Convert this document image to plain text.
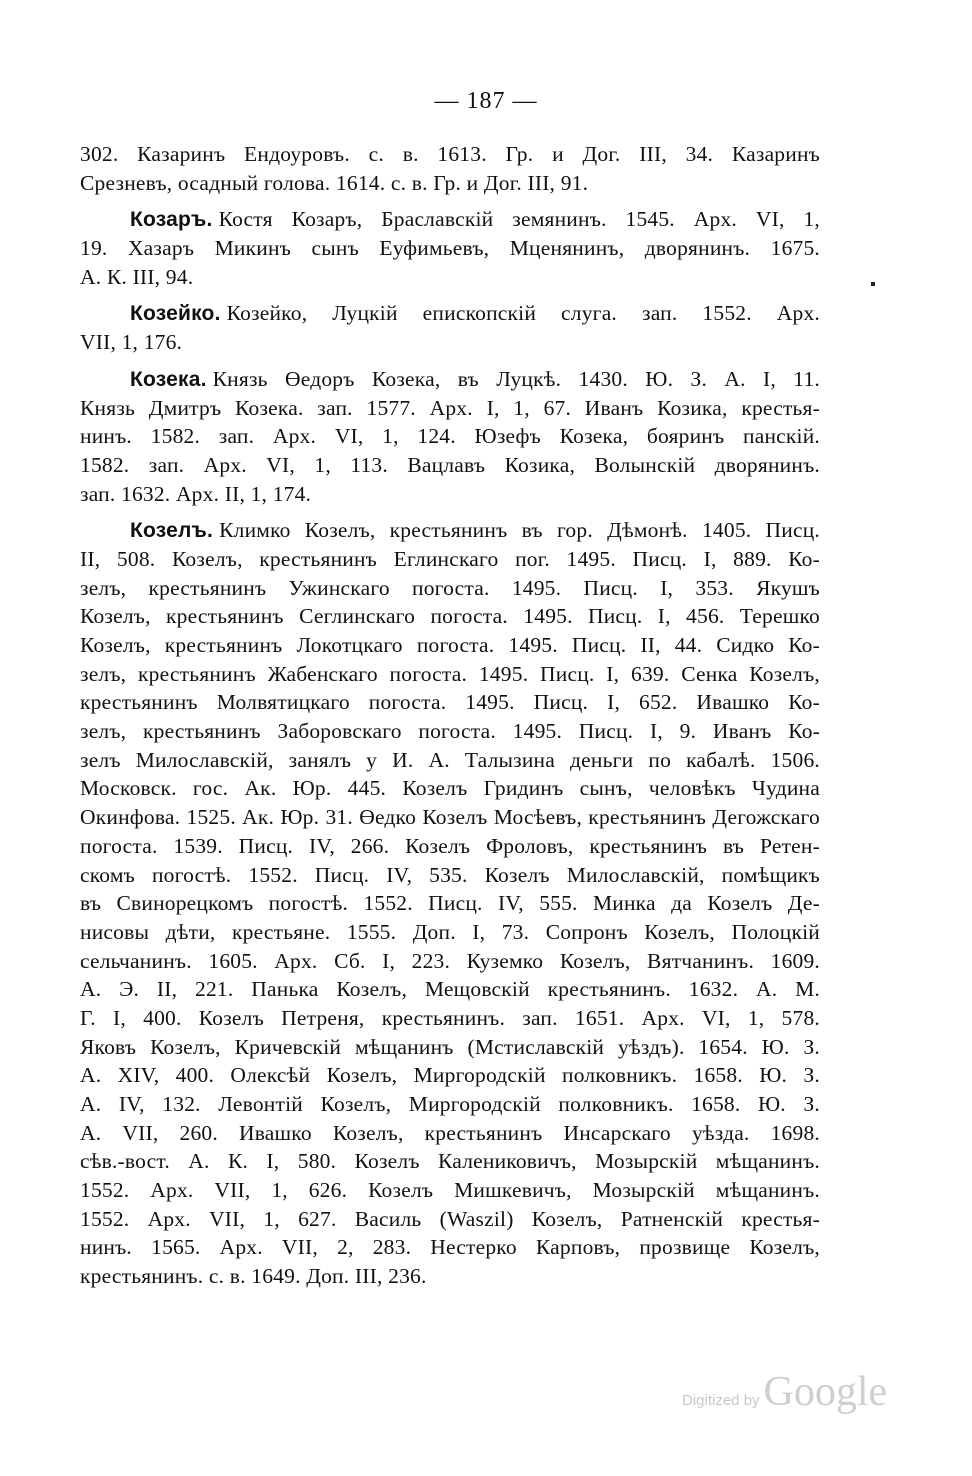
— 187 —
302. Казаринъ Ендоуровъ. с. в. 1613. Гр. и Дог. III, 34. Казаринъ
Срезневъ, осадный голова. 1614. с. в. Гр. и Дог. III, 91.
Козаръ. Костя Козаръ, Браславскій земянинъ. 1545. Арх. VI, 1,
19. Хазаръ Микинъ сынъ Еуфимьевъ, Мценянинъ, дворянинъ. 1675.
А. К. III, 94.
Козейко. Козейко, Луцкій епископскій слуга. зап. 1552. Арх.
VII, 1, 176.
Козека. Князь Өедоръ Козека, въ Луцкѣ. 1430. Ю. З. А. I, 11.
Князь Дмитръ Козека. зап. 1577. Арх. I, 1, 67. Иванъ Козика, крестья-
нинъ. 1582. зап. Арх. VI, 1, 124. Юзефъ Козека, бояринъ панскій.
1582. зап. Арх. VI, 1, 113. Вацлавъ Козика, Волынскій дворянинъ.
зап. 1632. Арх. II, 1, 174.
Козелъ. Климко Козелъ, крестьянинъ въ гор. Дѣмонѣ. 1405. Писц.
II, 508. Козелъ, крестьянинъ Еглинскаго пог. 1495. Писц. I, 889. Ко-
зелъ, крестьянинъ Ужинскаго погоста. 1495. Писц. I, 353. Якушъ
Козелъ, крестьянинъ Сеглинскаго погоста. 1495. Писц. I, 456. Терешко
Козелъ, крестьянинъ Локотцкаго погоста. 1495. Писц. II, 44. Сидко Ко-
зелъ, крестьянинъ Жабенскаго погоста. 1495. Писц. I, 639. Сенка Козелъ,
крестьянинъ Молвятицкаго погоста. 1495. Писц. I, 652. Ивашко Ко-
зелъ, крестьянинъ Заборовскаго погоста. 1495. Писц. I, 9. Иванъ Ко-
зелъ Милославскій, занялъ у И. А. Талызина деньги по кабалѣ. 1506.
Московск. гос. Ак. Юр. 445. Козелъ Гридинъ сынъ, человѣкъ Чудина
Окинфова. 1525. Ак. Юр. 31. Өедко Козелъ Мосѣевъ, крестьянинъ Дегожскаго
погоста. 1539. Писц. IV, 266. Козелъ Фроловъ, крестьянинъ въ Ретен-
скомъ погостѣ. 1552. Писц. IV, 535. Козелъ Милославскій, помѣщикъ
въ Свинорецкомъ погостѣ. 1552. Писц. IV, 555. Минка да Козелъ Де-
нисовы дѣти, крестьяне. 1555. Доп. I, 73. Сопронъ Козелъ, Полоцкій
сельчанинъ. 1605. Арх. Сб. I, 223. Куземко Козелъ, Вятчанинъ. 1609.
А. Э. II, 221. Панька Козелъ, Мещовскій крестьянинъ. 1632. А. М.
Г. I, 400. Козелъ Петреня, крестьянинъ. зап. 1651. Арх. VI, 1, 578.
Яковъ Козелъ, Кричевскій мѣщанинъ (Мстиславскій уѣздъ). 1654. Ю. З.
А. XIV, 400. Олексѣй Козелъ, Миргородскій полковникъ. 1658. Ю. З.
А. IV, 132. Левонтій Козелъ, Миргородскій полковникъ. 1658. Ю. З.
А. VII, 260. Ивашко Козелъ, крестьянинъ Инсарскаго уѣзда. 1698.
сѣв.-вост. А. К. I, 580. Козелъ Калениковичъ, Мозырскій мѣщанинъ.
1552. Арх. VII, 1, 626. Козелъ Мишкевичъ, Мозырскій мѣщанинъ.
1552. Арх. VII, 1, 627. Василь (Waszil) Козелъ, Ратненскій крестья-
нинъ. 1565. Арх. VII, 2, 283. Нестерко Карповъ, прозвище Козелъ,
крестьянинъ. с. в. 1649. Доп. III, 236.
Digitized by Google
